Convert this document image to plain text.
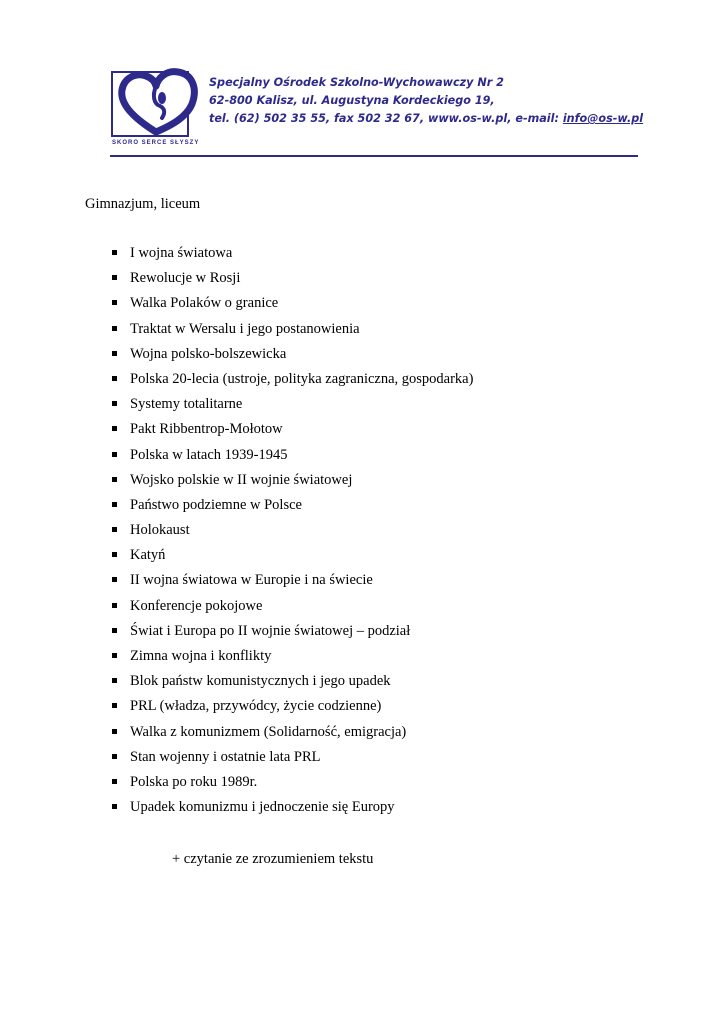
SKORO SERCE SŁYSZY
Specjalny Ośrodek Szkolno-Wychowawczy Nr 2
62-800 Kalisz, ul. Augustyna Kordeckiego 19,
tel. (62) 502 35 55, fax 502 32 67, www.os-w.pl, e-mail: info@os-w.pl
Gimnazjum, liceum
I wojna światowa
Rewolucje w Rosji
Walka Polaków o granice
Traktat w Wersalu i jego postanowienia
Wojna polsko-bolszewicka
Polska 20-lecia (ustroje, polityka zagraniczna, gospodarka)
Systemy totalitarne
Pakt Ribbentrop-Mołotow
Polska w latach 1939-1945
Wojsko polskie w II wojnie światowej
Państwo podziemne w Polsce
Holokaust
Katyń
II wojna światowa w Europie i na świecie
Konferencje pokojowe
Świat i Europa po II wojnie światowej – podział
Zimna wojna i konflikty
Blok państw komunistycznych i jego upadek
PRL (władza, przywódcy, życie codzienne)
Walka z komunizmem (Solidarność, emigracja)
Stan wojenny i ostatnie lata PRL
Polska po roku 1989r.
Upadek komunizmu i jednoczenie się Europy
+ czytanie ze zrozumieniem tekstu
